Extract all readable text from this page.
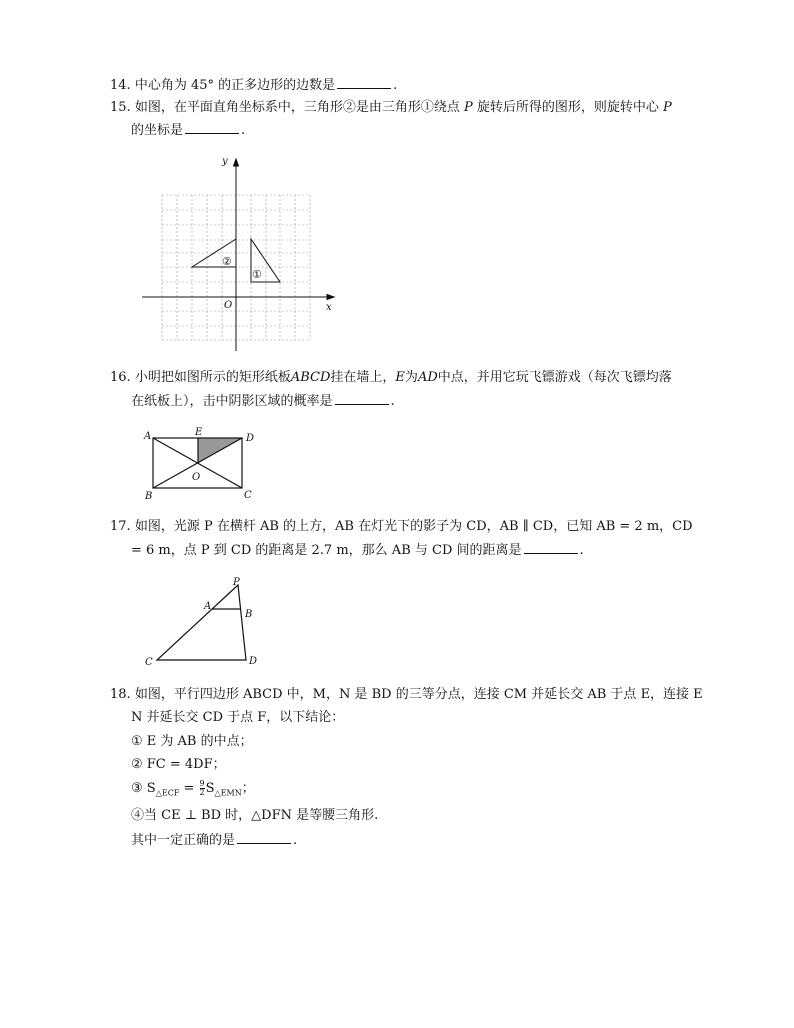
14. 中心角为 45° 的正多边形的边数是	.
15. 如图，在平面直角坐标系中，三角形②是由三角形①绕点 P 旋转后所得的图形，则旋转中心 P
的坐标是	.
y
x
O
②
①
16. 小明把如图所示的矩形纸板ABCD挂在墙上，E为AD中点，并用它玩飞镖游戏（每次飞镖均落
在纸板上），击中阴影区域的概率是	.
A	E
D
O
B	C
17. 如图，光源 P 在横杆 AB 的上方，AB 在灯光下的影子为 CD，AB ∥ CD，已知 AB = 2 m，CD
= 6 m，点 P 到 CD 的距离是 2.7 m，那么 AB 与 CD 间的距离是	.
P
A
B
C	D
18. 如图，平行四边形 ABCD 中，M，N 是 BD 的三等分点，连接 CM 并延长交 AB 于点 E，连接 E
N 并延长交 CD 于点 F，以下结论：
① E 为 AB 的中点；
② FC = 4DF；
③ $S_{\triangle ECF} = \frac{9}{2} S_{\triangle EMN}$；
④当 CE ⊥ BD 时，△DFN 是等腰三角形.
其中一定正确的是	.
